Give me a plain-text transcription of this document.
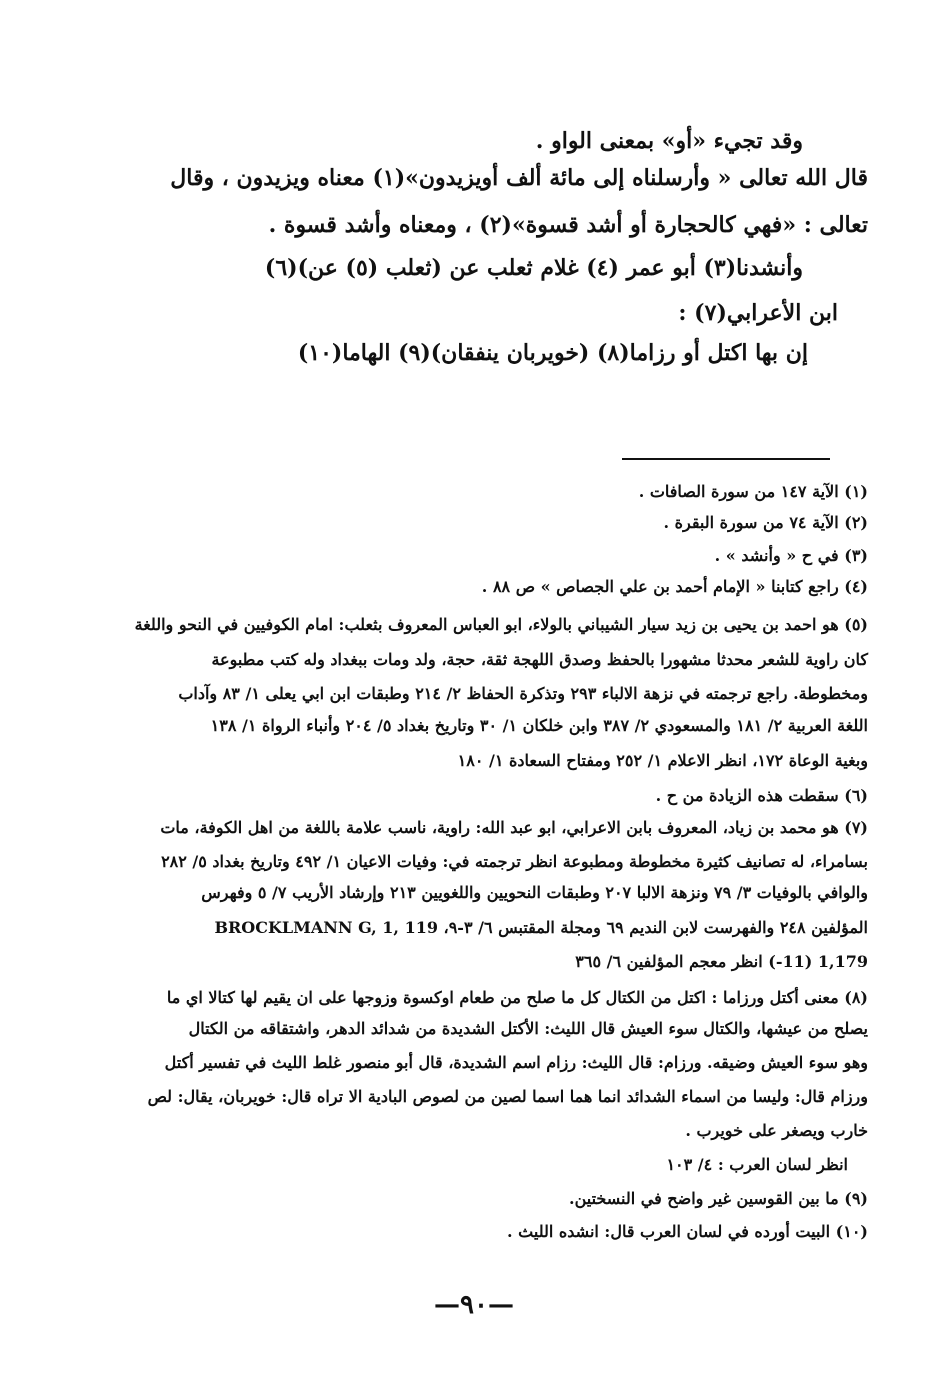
وقد تجيء «أو» بمعنى الواو .
قال الله تعالى « وأرسلناه إلى مائة ألف أويزيدون»(١) معناه ويزيدون ، وقال
تعالى : «فهي كالحجارة أو أشد قسوة»(٢) ، ومعناه وأشد قسوة .
وأنشدنا(٣) أبو عمر (٤) غلام ثعلب عن (ثعلب (٥) عن)(٦)
ابن الأعرابي(٧) :
إن بها اكتل أو رزاما(٨) (خويربان ينفقان)(٩) الهاما(١٠)
(١) الآية ١٤٧ من سورة الصافات .
(٢) الآية ٧٤ من سورة البقرة .
(٣) في ح « وأنشد » .
(٤) راجع كتابنا « الإمام أحمد بن علي الجصاص » ص ٨٨ .
(٥) هو احمد بن يحيى بن زيد سيار الشيباني بالولاء، ابو العباس المعروف بثعلب: امام الكوفيين في النحو واللغة
كان راوية للشعر محدثا مشهورا بالحفظ وصدق اللهجة ثقة، حجة، ولد ومات ببغداد وله كتب مطبوعة
ومخطوطة. راجع ترجمته في نزهة الالباء ٢٩٣ وتذكرة الحفاظ ٢/ ٢١٤ وطبقات ابن ابي يعلى ١/ ٨٣ وآداب
اللغة العربية ٢/ ١٨١ والمسعودي ٢/ ٣٨٧ وابن خلكان ١/ ٣٠ وتاريخ بغداد ٥/ ٢٠٤ وأنباء الرواة ١/ ١٣٨
وبغية الوعاة ١٧٢، انظر الاعلام ١/ ٢٥٢ ومفتاح السعادة ١/ ١٨٠
(٦) سقطت هذه الزيادة من ح .
(٧) هو محمد بن زياد، المعروف بابن الاعرابي، ابو عبد الله: راوية، ناسب علامة باللغة من اهل الكوفة، مات
بسامراء، له تصانيف كثيرة مخطوطة ومطبوعة انظر ترجمته في: وفيات الاعيان ١/ ٤٩٢ وتاريخ بغداد ٥/ ٢٨٢
والوافي بالوفيات ٣/ ٧٩ ونزهة الالبا ٢٠٧ وطبقات النحويين واللغويين ٢١٣ وإرشاد الأريب ٧/ ٥ وفهرس
المؤلفين ٢٤٨ والفهرست لابن النديم ٦٩ ومجلة المقتبس ٦/ ٣-٩، BROCKLMANN G, 1, 119
1,179 (11-) انظر معجم المؤلفين ٦/ ٣٦٥
(٨) معنى أكتل ورزاما : اكتل من الكتال كل ما صلح من طعام اوكسوة وزوجها على ان يقيم لها كتالا اي ما
يصلح من عيشها، والكتال سوء العيش قال الليث: الأكتل الشديدة من شدائد الدهر، واشتقاقه من الكتال
وهو سوء العيش وضيقه. ورزام: قال الليث: رزام اسم الشديدة، قال أبو منصور غلط الليث في تفسير أكتل
ورزام قال: وليسا من اسماء الشدائد انما هما اسما لصين من لصوص البادية الا تراه قال: خويربان، يقال: لص
خارب ويصغر على خويرب .
انظر لسان العرب : ٤/ ١٠٣
(٩) ما بين القوسين غير واضح في النسختين.
(١٠) البيت أورده في لسان العرب قال: انشده الليث .
—٩٠—
